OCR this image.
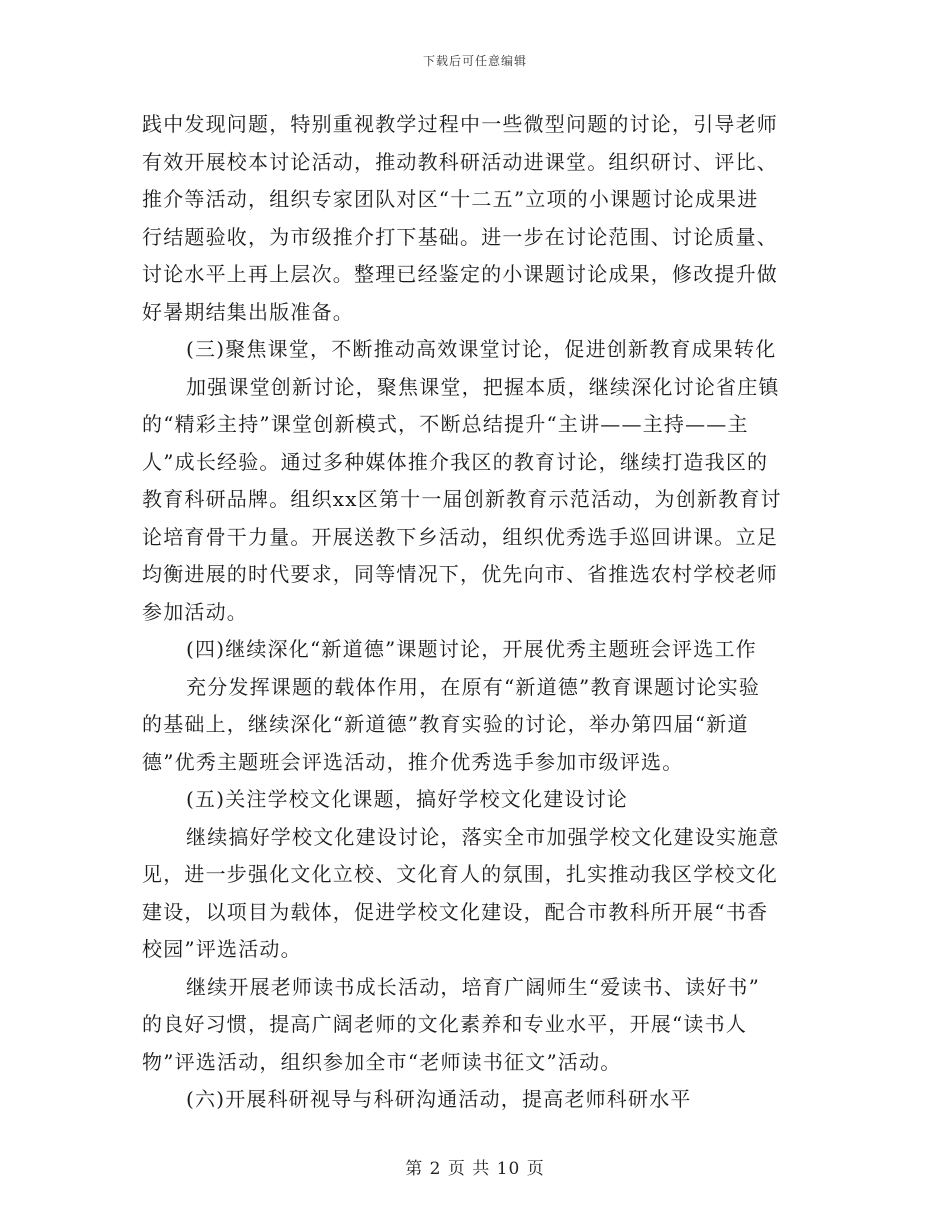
下载后可任意编辑
践中发现问题，特别重视教学过程中一些微型问题的讨论，引导老师
有效开展校本讨论活动，推动教科研活动进课堂。组织研讨、评比、
推介等活动，组织专家团队对区“十二五”立项的小课题讨论成果进
行结题验收，为市级推介打下基础。进一步在讨论范围、讨论质量、
讨论水平上再上层次。整理已经鉴定的小课题讨论成果，修改提升做
好暑期结集出版准备。
(三)聚焦课堂，不断推动高效课堂讨论，促进创新教育成果转化
加强课堂创新讨论，聚焦课堂，把握本质，继续深化讨论省庄镇
的“精彩主持”课堂创新模式，不断总结提升“主讲——主持——主
人”成长经验。通过多种媒体推介我区的教育讨论，继续打造我区的
教育科研品牌。组织xx区第十一届创新教育示范活动，为创新教育讨
论培育骨干力量。开展送教下乡活动，组织优秀选手巡回讲课。立足
均衡进展的时代要求，同等情况下，优先向市、省推选农村学校老师
参加活动。
(四)继续深化“新道德”课题讨论，开展优秀主题班会评选工作
充分发挥课题的载体作用，在原有“新道德”教育课题讨论实验
的基础上，继续深化“新道德”教育实验的讨论，举办第四届“新道
德”优秀主题班会评选活动，推介优秀选手参加市级评选。
(五)关注学校文化课题，搞好学校文化建设讨论
继续搞好学校文化建设讨论，落实全市加强学校文化建设实施意
见，进一步强化文化立校、文化育人的氛围，扎实推动我区学校文化
建设，以项目为载体，促进学校文化建设，配合市教科所开展“书香
校园”评选活动。
继续开展老师读书成长活动，培育广阔师生“爱读书、读好书”
的良好习惯，提高广阔老师的文化素养和专业水平，开展“读书人
物”评选活动，组织参加全市“老师读书征文”活动。
(六)开展科研视导与科研沟通活动，提高老师科研水平
第 2 页 共 10 页
